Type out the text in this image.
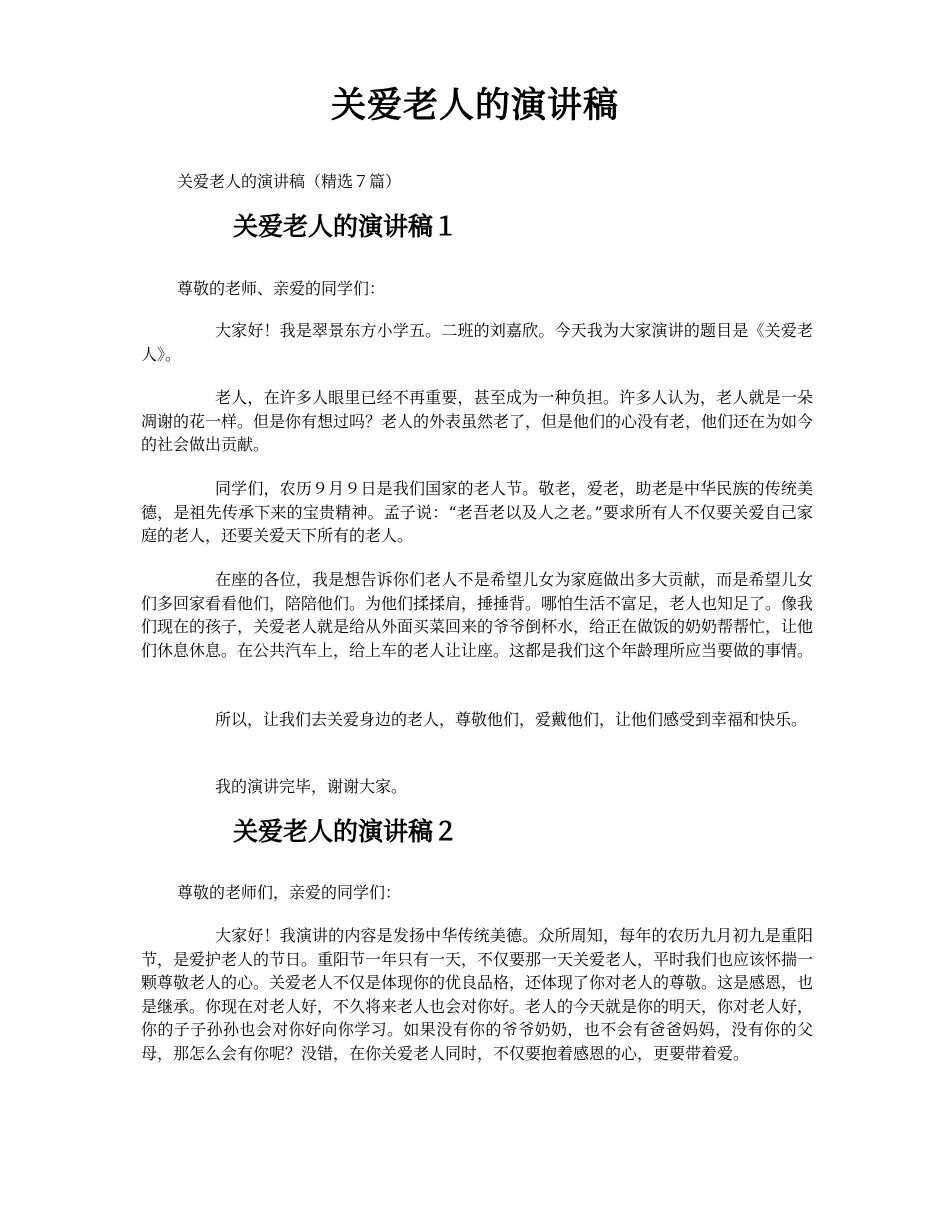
关爱老人的演讲稿
关爱老人的演讲稿（精选７篇）
关爱老人的演讲稿１
尊敬的老师、亲爱的同学们：
大家好！我是翠景东方小学五。二班的刘嘉欣。今天我为大家演讲的题目是《关爱老人》。
老人，在许多人眼里已经不再重要，甚至成为一种负担。许多人认为，老人就是一朵凋谢的花一样。但是你有想过吗？老人的外表虽然老了，但是他们的心没有老，他们还在为如今的社会做出贡献。
同学们，农历９月９日是我们国家的老人节。敬老，爱老，助老是中华民族的传统美德，是祖先传承下来的宝贵精神。孟子说：“老吾老以及人之老。”要求所有人不仅要关爱自己家庭的老人，还要关爱天下所有的老人。
在座的各位，我是想告诉你们老人不是希望儿女为家庭做出多大贡献，而是希望儿女们多回家看看他们，陪陪他们。为他们揉揉肩，捶捶背。哪怕生活不富足，老人也知足了。像我们现在的孩子，关爱老人就是给从外面买菜回来的爷爷倒杯水，给正在做饭的奶奶帮帮忙，让他们休息休息。在公共汽车上，给上车的老人让让座。这都是我们这个年龄理所应当要做的事情。
所以，让我们去关爱身边的老人，尊敬他们，爱戴他们，让他们感受到幸福和快乐。
我的演讲完毕，谢谢大家。
关爱老人的演讲稿２
尊敬的老师们，亲爱的同学们：
大家好！我演讲的内容是发扬中华传统美德。众所周知，每年的农历九月初九是重阳节，是爱护老人的节日。重阳节一年只有一天，不仅要那一天关爱老人，平时我们也应该怀揣一颗尊敬老人的心。关爱老人不仅是体现你的优良品格，还体现了你对老人的尊敬。这是感恩，也是继承。你现在对老人好，不久将来老人也会对你好。老人的今天就是你的明天，你对老人好，你的子子孙孙也会对你好向你学习。如果没有你的爷爷奶奶，也不会有爸爸妈妈，没有你的父母，那怎么会有你呢？没错，在你关爱老人同时，不仅要抱着感恩的心，更要带着爱。
